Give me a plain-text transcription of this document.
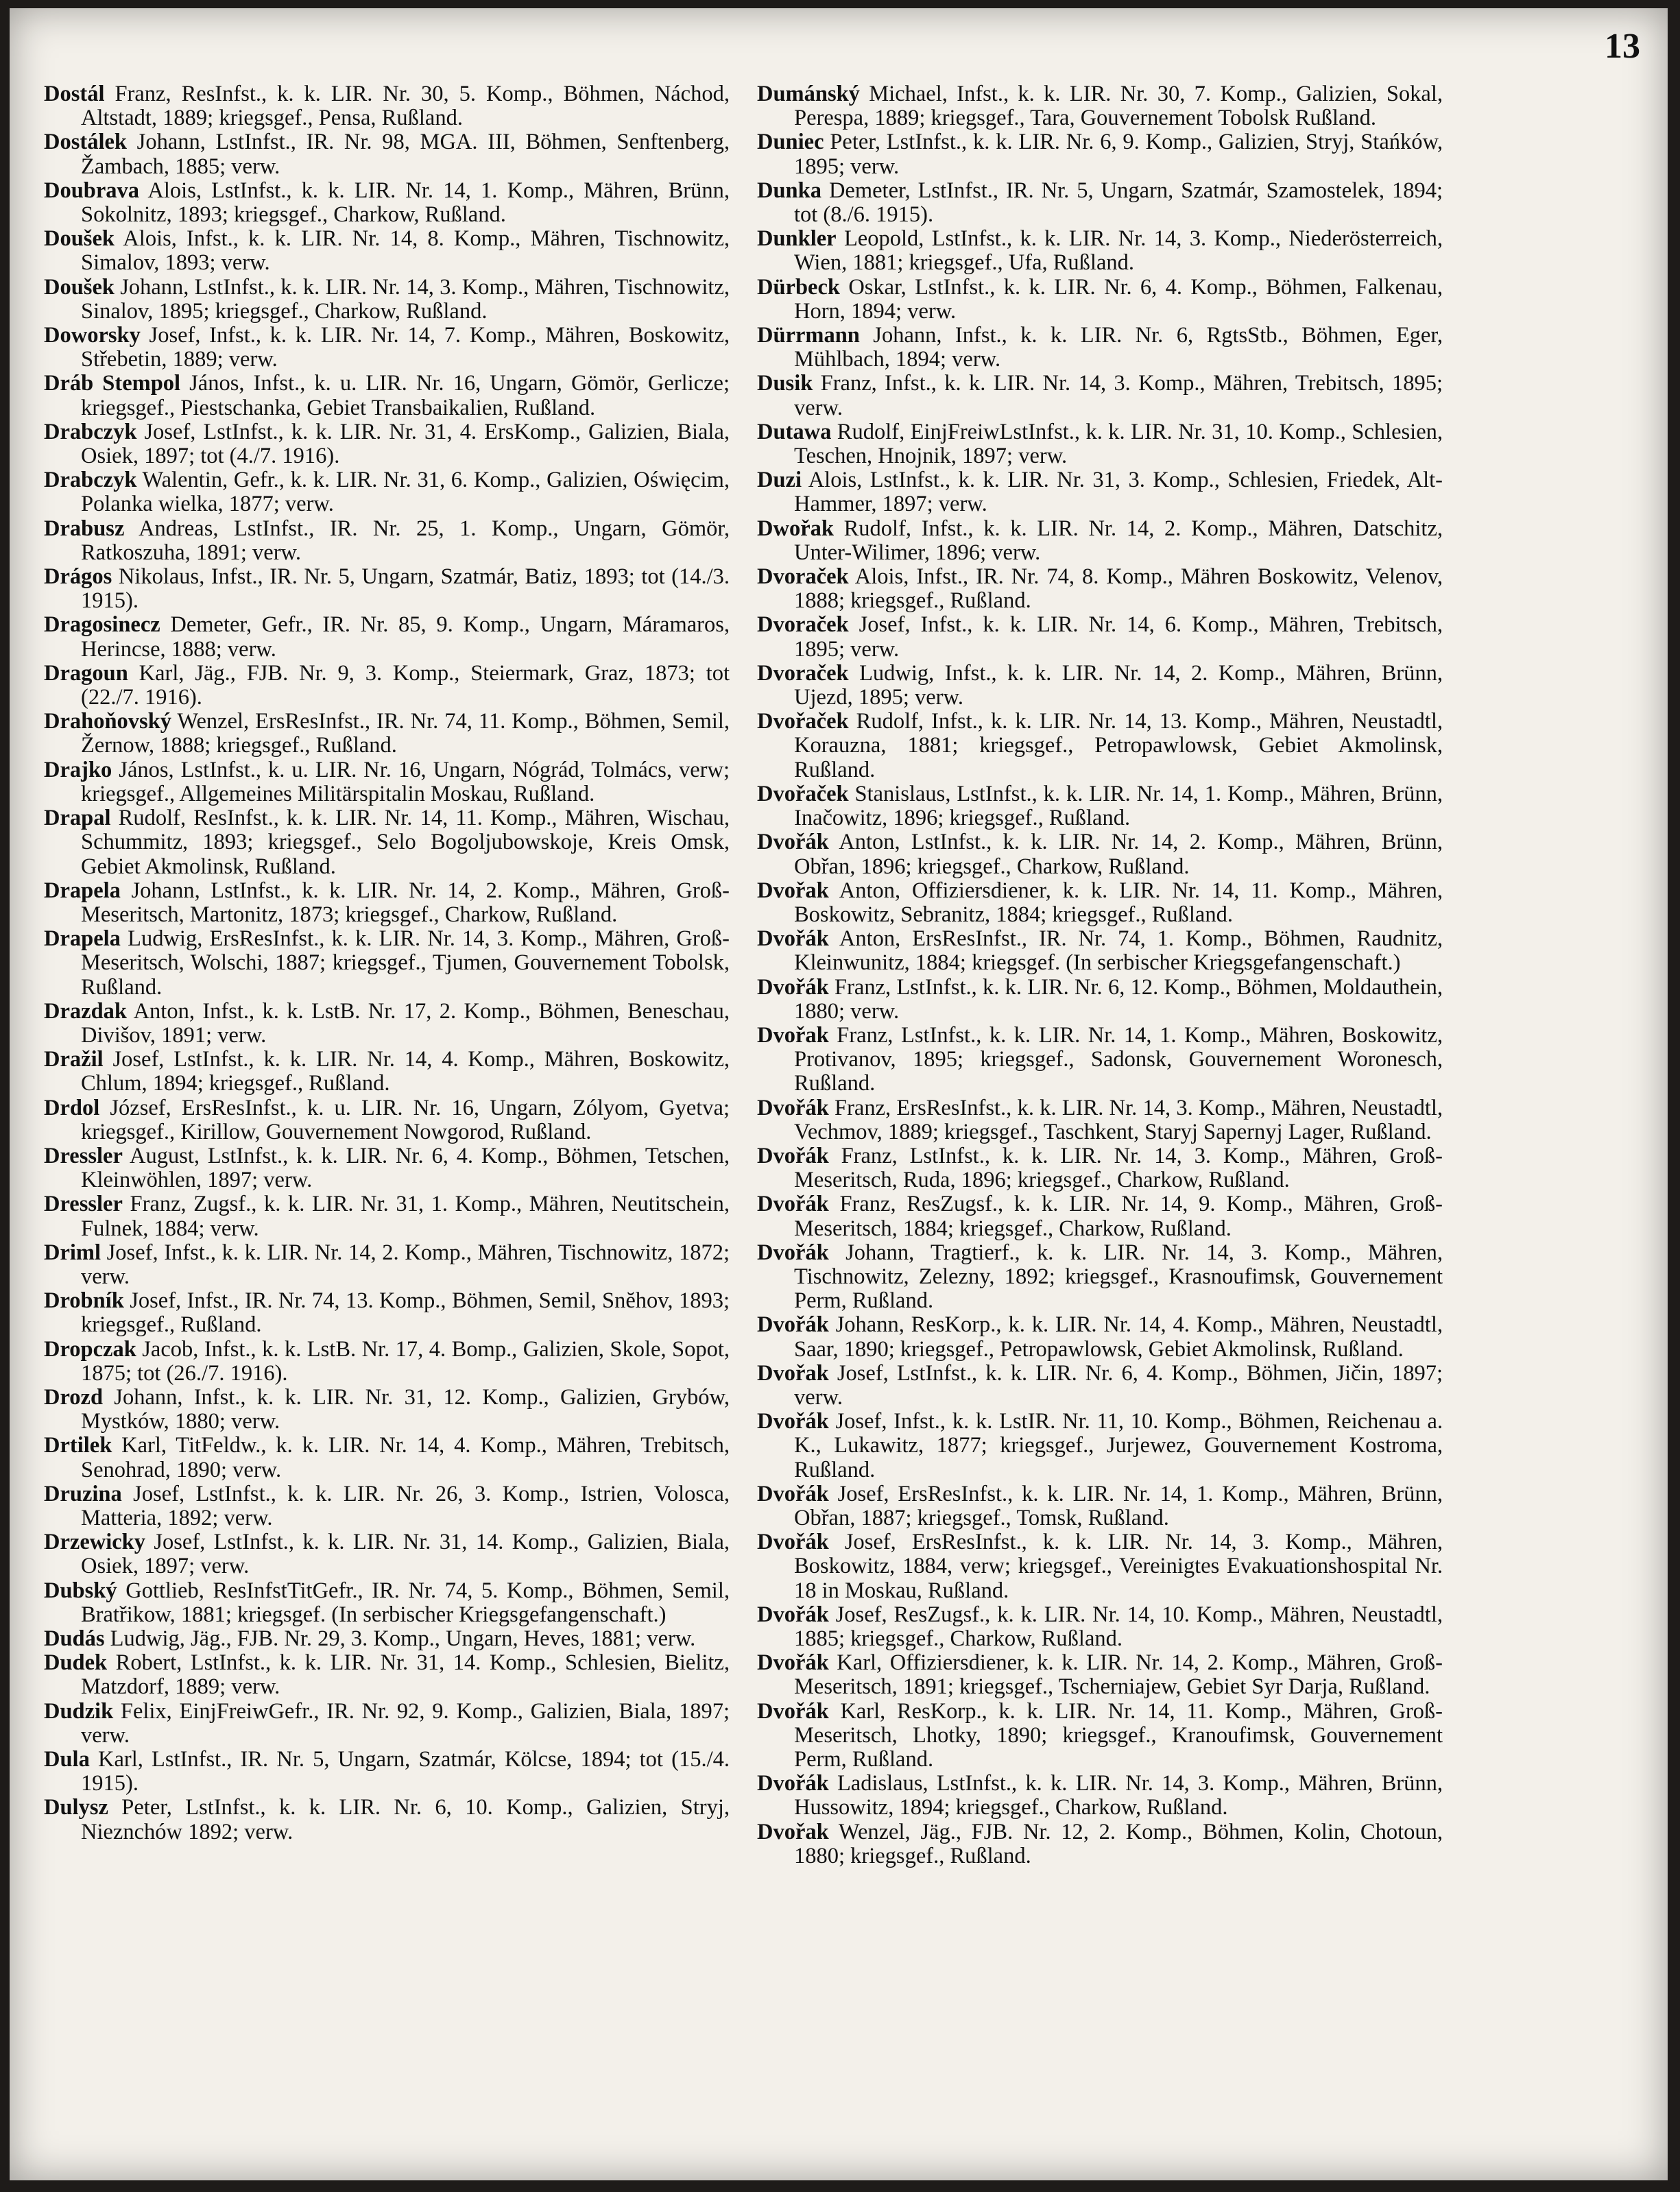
13

Dostál Franz, ResInfst., k. k. LIR. Nr. 30, 5. Komp., Böhmen, Náchod, Altstadt, 1889; kriegsgef., Pensa, Rußland.

Dostálek Johann, LstInfst., IR. Nr. 98, MGA. III, Böhmen, Senftenberg, Žambach, 1885; verw.

Doubrava Alois, LstInfst., k. k. LIR. Nr. 14, 1. Komp., Mähren, Brünn, Sokolnitz, 1893; kriegsgef., Charkow, Rußland.

Doušek Alois, Infst., k. k. LIR. Nr. 14, 8. Komp., Mähren, Tischnowitz, Simalov, 1893; verw.

Doušek Johann, LstInfst., k. k. LIR. Nr. 14, 3. Komp., Mähren, Tischnowitz, Sinalov, 1895; kriegsgef., Charkow, Rußland.

Doworsky Josef, Infst., k. k. LIR. Nr. 14, 7. Komp., Mähren, Boskowitz, Střebetin, 1889; verw.

Dráb Stempol János, Infst., k. u. LIR. Nr. 16, Ungarn, Gömör, Gerlicze; kriegsgef., Piestschanka, Gebiet Transbaikalien, Rußland.

Drabczyk Josef, LstInfst., k. k. LIR. Nr. 31, 4. ErsKomp., Galizien, Biala, Osiek, 1897; tot (4./7. 1916).

Drabczyk Walentin, Gefr., k. k. LIR. Nr. 31, 6. Komp., Galizien, Oświęcim, Polanka wielka, 1877; verw.

Drabusz Andreas, LstInfst., IR. Nr. 25, 1. Komp., Ungarn, Gömör, Ratkoszuha, 1891; verw.

Drágos Nikolaus, Infst., IR. Nr. 5, Ungarn, Szatmár, Batiz, 1893; tot (14./3. 1915).

Dragosinecz Demeter, Gefr., IR. Nr. 85, 9. Komp., Ungarn, Máramaros, Herincse, 1888; verw.

Dragoun Karl, Jäg., FJB. Nr. 9, 3. Komp., Steiermark, Graz, 1873; tot (22./7. 1916).

Drahoňovský Wenzel, ErsResInfst., IR. Nr. 74, 11. Komp., Böhmen, Semil, Žernow, 1888; kriegsgef., Rußland.

Drajko János, LstInfst., k. u. LIR. Nr. 16, Ungarn, Nógrád, Tolmács, verw; kriegsgef., Allgemeines Militärspitalin Moskau, Rußland.

Drapal Rudolf, ResInfst., k. k. LIR. Nr. 14, 11. Komp., Mähren, Wischau, Schummitz, 1893; kriegsgef., Selo Bogoljubowskoje, Kreis Omsk, Gebiet Akmolinsk, Rußland.

Drapela Johann, LstInfst., k. k. LIR. Nr. 14, 2. Komp., Mähren, Groß-Meseritsch, Martonitz, 1873; kriegsgef., Charkow, Rußland.

Drapela Ludwig, ErsResInfst., k. k. LIR. Nr. 14, 3. Komp., Mähren, Groß-Meseritsch, Wolschi, 1887; kriegsgef., Tjumen, Gouvernement Tobolsk, Rußland.

Drazdak Anton, Infst., k. k. LstB. Nr. 17, 2. Komp., Böhmen, Beneschau, Divišov, 1891; verw.

Dražil Josef, LstInfst., k. k. LIR. Nr. 14, 4. Komp., Mähren, Boskowitz, Chlum, 1894; kriegsgef., Rußland.

Drdol József, ErsResInfst., k. u. LIR. Nr. 16, Ungarn, Zólyom, Gyetva; kriegsgef., Kirillow, Gouvernement Nowgorod, Rußland.

Dressler August, LstInfst., k. k. LIR. Nr. 6, 4. Komp., Böhmen, Tetschen, Kleinwöhlen, 1897; verw.

Dressler Franz, Zugsf., k. k. LIR. Nr. 31, 1. Komp., Mähren, Neutitschein, Fulnek, 1884; verw.

Driml Josef, Infst., k. k. LIR. Nr. 14, 2. Komp., Mähren, Tischnowitz, 1872; verw.

Drobník Josef, Infst., IR. Nr. 74, 13. Komp., Böhmen, Semil, Snĕhov, 1893; kriegsgef., Rußland.

Dropczak Jacob, Infst., k. k. LstB. Nr. 17, 4. Bomp., Galizien, Skole, Sopot, 1875; tot (26./7. 1916).

Drozd Johann, Infst., k. k. LIR. Nr. 31, 12. Komp., Galizien, Grybów, Mystków, 1880; verw.

Drtilek Karl, TitFeldw., k. k. LIR. Nr. 14, 4. Komp., Mähren, Trebitsch, Senohrad, 1890; verw.

Druzina Josef, LstInfst., k. k. LIR. Nr. 26, 3. Komp., Istrien, Volosca, Matteria, 1892; verw.

Drzewicky Josef, LstInfst., k. k. LIR. Nr. 31, 14. Komp., Galizien, Biala, Osiek, 1897; verw.

Dubský Gottlieb, ResInfstTitGefr., IR. Nr. 74, 5. Komp., Böhmen, Semil, Bratřikow, 1881; kriegsgef. (In serbischer Kriegsgefangenschaft.)

Dudás Ludwig, Jäg., FJB. Nr. 29, 3. Komp., Ungarn, Heves, 1881; verw.

Dudek Robert, LstInfst., k. k. LIR. Nr. 31, 14. Komp., Schlesien, Bielitz, Matzdorf, 1889; verw.

Dudzik Felix, EinjFreiwGefr., IR. Nr. 92, 9. Komp., Galizien, Biala, 1897; verw.

Dula Karl, LstInfst., IR. Nr. 5, Ungarn, Szatmár, Kölcse, 1894; tot (15./4. 1915).

Dulysz Peter, LstInfst., k. k. LIR. Nr. 6, 10. Komp., Galizien, Stryj, Nieznchów 1892; verw.

Dumánský Michael, Infst., k. k. LIR. Nr. 30, 7. Komp., Galizien, Sokal, Perespa, 1889; kriegsgef., Tara, Gouvernement Tobolsk Rußland.

Duniec Peter, LstInfst., k. k. LIR. Nr. 6, 9. Komp., Galizien, Stryj, Stańków, 1895; verw.

Dunka Demeter, LstInfst., IR. Nr. 5, Ungarn, Szatmár, Szamostelek, 1894; tot (8./6. 1915).

Dunkler Leopold, LstInfst., k. k. LIR. Nr. 14, 3. Komp., Niederösterreich, Wien, 1881; kriegsgef., Ufa, Rußland.

Dürbeck Oskar, LstInfst., k. k. LIR. Nr. 6, 4. Komp., Böhmen, Falkenau, Horn, 1894; verw.

Dürrmann Johann, Infst., k. k. LIR. Nr. 6, RgtsStb., Böhmen, Eger, Mühlbach, 1894; verw.

Dusik Franz, Infst., k. k. LIR. Nr. 14, 3. Komp., Mähren, Trebitsch, 1895; verw.

Dutawa Rudolf, EinjFreiwLstInfst., k. k. LIR. Nr. 31, 10. Komp., Schlesien, Teschen, Hnojnik, 1897; verw.

Duzi Alois, LstInfst., k. k. LIR. Nr. 31, 3. Komp., Schlesien, Friedek, Alt-Hammer, 1897; verw.

Dwořak Rudolf, Infst., k. k. LIR. Nr. 14, 2. Komp., Mähren, Datschitz, Unter-Wilimer, 1896; verw.

Dvoraček Alois, Infst., IR. Nr. 74, 8. Komp., Mähren Boskowitz, Velenov, 1888; kriegsgef., Rußland.

Dvoraček Josef, Infst., k. k. LIR. Nr. 14, 6. Komp., Mähren, Trebitsch, 1895; verw.

Dvoraček Ludwig, Infst., k. k. LIR. Nr. 14, 2. Komp., Mähren, Brünn, Ujezd, 1895; verw.

Dvořaček Rudolf, Infst., k. k. LIR. Nr. 14, 13. Komp., Mähren, Neustadtl, Korauzna, 1881; kriegsgef., Petropawlowsk, Gebiet Akmolinsk, Rußland.

Dvořaček Stanislaus, LstInfst., k. k. LIR. Nr. 14, 1. Komp., Mähren, Brünn, Inačowitz, 1896; kriegsgef., Rußland.

Dvořák Anton, LstInfst., k. k. LIR. Nr. 14, 2. Komp., Mähren, Brünn, Obřan, 1896; kriegsgef., Charkow, Rußland.

Dvořak Anton, Offiziersdiener, k. k. LIR. Nr. 14, 11. Komp., Mähren, Boskowitz, Sebranitz, 1884; kriegsgef., Rußland.

Dvořák Anton, ErsResInfst., IR. Nr. 74, 1. Komp., Böhmen, Raudnitz, Kleinwunitz, 1884; kriegsgef. (In serbischer Kriegsgefangenschaft.)

Dvořák Franz, LstInfst., k. k. LIR. Nr. 6, 12. Komp., Böhmen, Moldauthein, 1880; verw.

Dvořak Franz, LstInfst., k. k. LIR. Nr. 14, 1. Komp., Mähren, Boskowitz, Protivanov, 1895; kriegsgef., Sadonsk, Gouvernement Woronesch, Rußland.

Dvořák Franz, ErsResInfst., k. k. LIR. Nr. 14, 3. Komp., Mähren, Neustadtl, Vechmov, 1889; kriegsgef., Taschkent, Staryj Sapernyj Lager, Rußland.

Dvořák Franz, LstInfst., k. k. LIR. Nr. 14, 3. Komp., Mähren, Groß-Meseritsch, Ruda, 1896; kriegsgef., Charkow, Rußland.

Dvořák Franz, ResZugsf., k. k. LIR. Nr. 14, 9. Komp., Mähren, Groß-Meseritsch, 1884; kriegsgef., Charkow, Rußland.

Dvořák Johann, Tragtierf., k. k. LIR. Nr. 14, 3. Komp., Mähren, Tischnowitz, Zelezny, 1892; kriegsgef., Krasnoufimsk, Gouvernement Perm, Rußland.

Dvořák Johann, ResKorp., k. k. LIR. Nr. 14, 4. Komp., Mähren, Neustadtl, Saar, 1890; kriegsgef., Petropawlowsk, Gebiet Akmolinsk, Rußland.

Dvořak Josef, LstInfst., k. k. LIR. Nr. 6, 4. Komp., Böhmen, Jičin, 1897; verw.

Dvořák Josef, Infst., k. k. LstIR. Nr. 11, 10. Komp., Böhmen, Reichenau a. K., Lukawitz, 1877; kriegsgef., Jurjewez, Gouvernement Kostroma, Rußland.

Dvořák Josef, ErsResInfst., k. k. LIR. Nr. 14, 1. Komp., Mähren, Brünn, Obřan, 1887; kriegsgef., Tomsk, Rußland.

Dvořák Josef, ErsResInfst., k. k. LIR. Nr. 14, 3. Komp., Mähren, Boskowitz, 1884, verw; kriegsgef., Vereinigtes Evakuationshospital Nr. 18 in Moskau, Rußland.

Dvořák Josef, ResZugsf., k. k. LIR. Nr. 14, 10. Komp., Mähren, Neustadtl, 1885; kriegsgef., Charkow, Rußland.

Dvořák Karl, Offiziersdiener, k. k. LIR. Nr. 14, 2. Komp., Mähren, Groß-Meseritsch, 1891; kriegsgef., Tscherniajew, Gebiet Syr Darja, Rußland.

Dvořák Karl, ResKorp., k. k. LIR. Nr. 14, 11. Komp., Mähren, Groß-Meseritsch, Lhotky, 1890; kriegsgef., Kranoufimsk, Gouvernement Perm, Rußland.

Dvořák Ladislaus, LstInfst., k. k. LIR. Nr. 14, 3. Komp., Mähren, Brünn, Hussowitz, 1894; kriegsgef., Charkow, Rußland.

Dvořak Wenzel, Jäg., FJB. Nr. 12, 2. Komp., Böhmen, Kolin, Chotoun, 1880; kriegsgef., Rußland.
